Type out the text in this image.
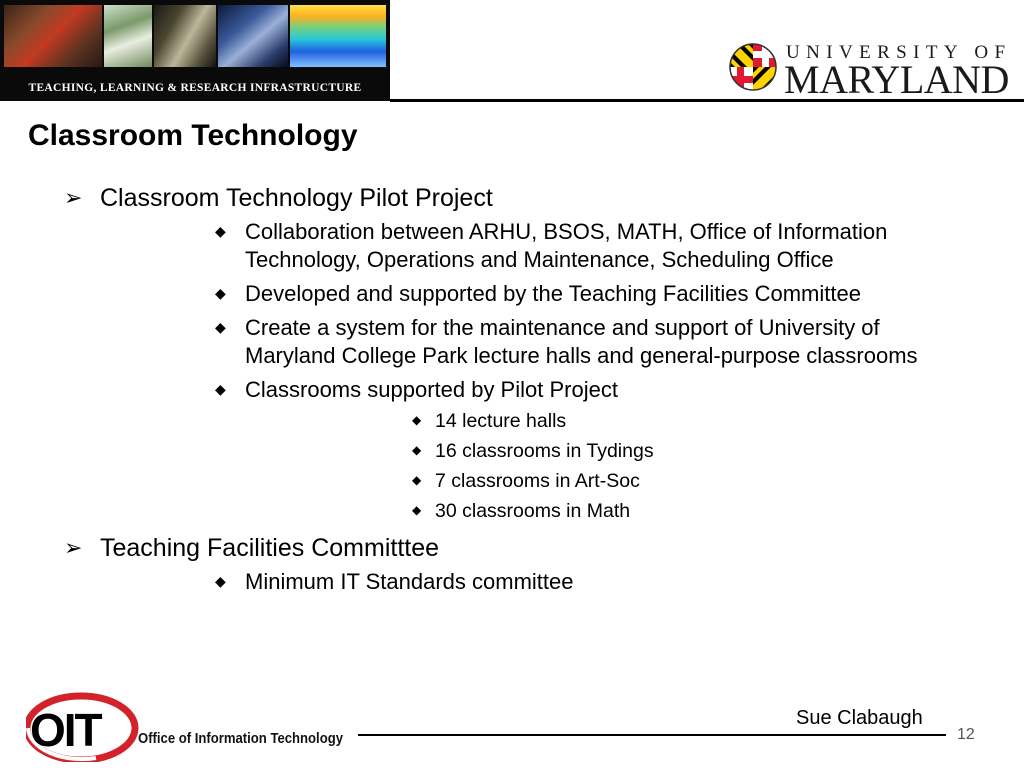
TEACHING, LEARNING & RESEARCH INFRASTRUCTURE
UNIVERSITY OF
MARYLAND
Classroom Technology
➢ Classroom Technology Pilot Project
◆ Collaboration between ARHU, BSOS, MATH, Office of Information Technology, Operations and Maintenance, Scheduling Office
◆ Developed and supported by the Teaching Facilities Committee
◆ Create a system for the maintenance and support of University of Maryland College Park lecture halls and general-purpose classrooms
◆ Classrooms supported by Pilot Project
◆ 14 lecture halls
◆ 16 classrooms in Tydings
◆ 7 classrooms in Art-Soc
◆ 30 classrooms in Math
➢ Teaching Facilities Committtee
◆ Minimum IT Standards committee
OIT	Office of Information Technology
Sue Clabaugh
12
